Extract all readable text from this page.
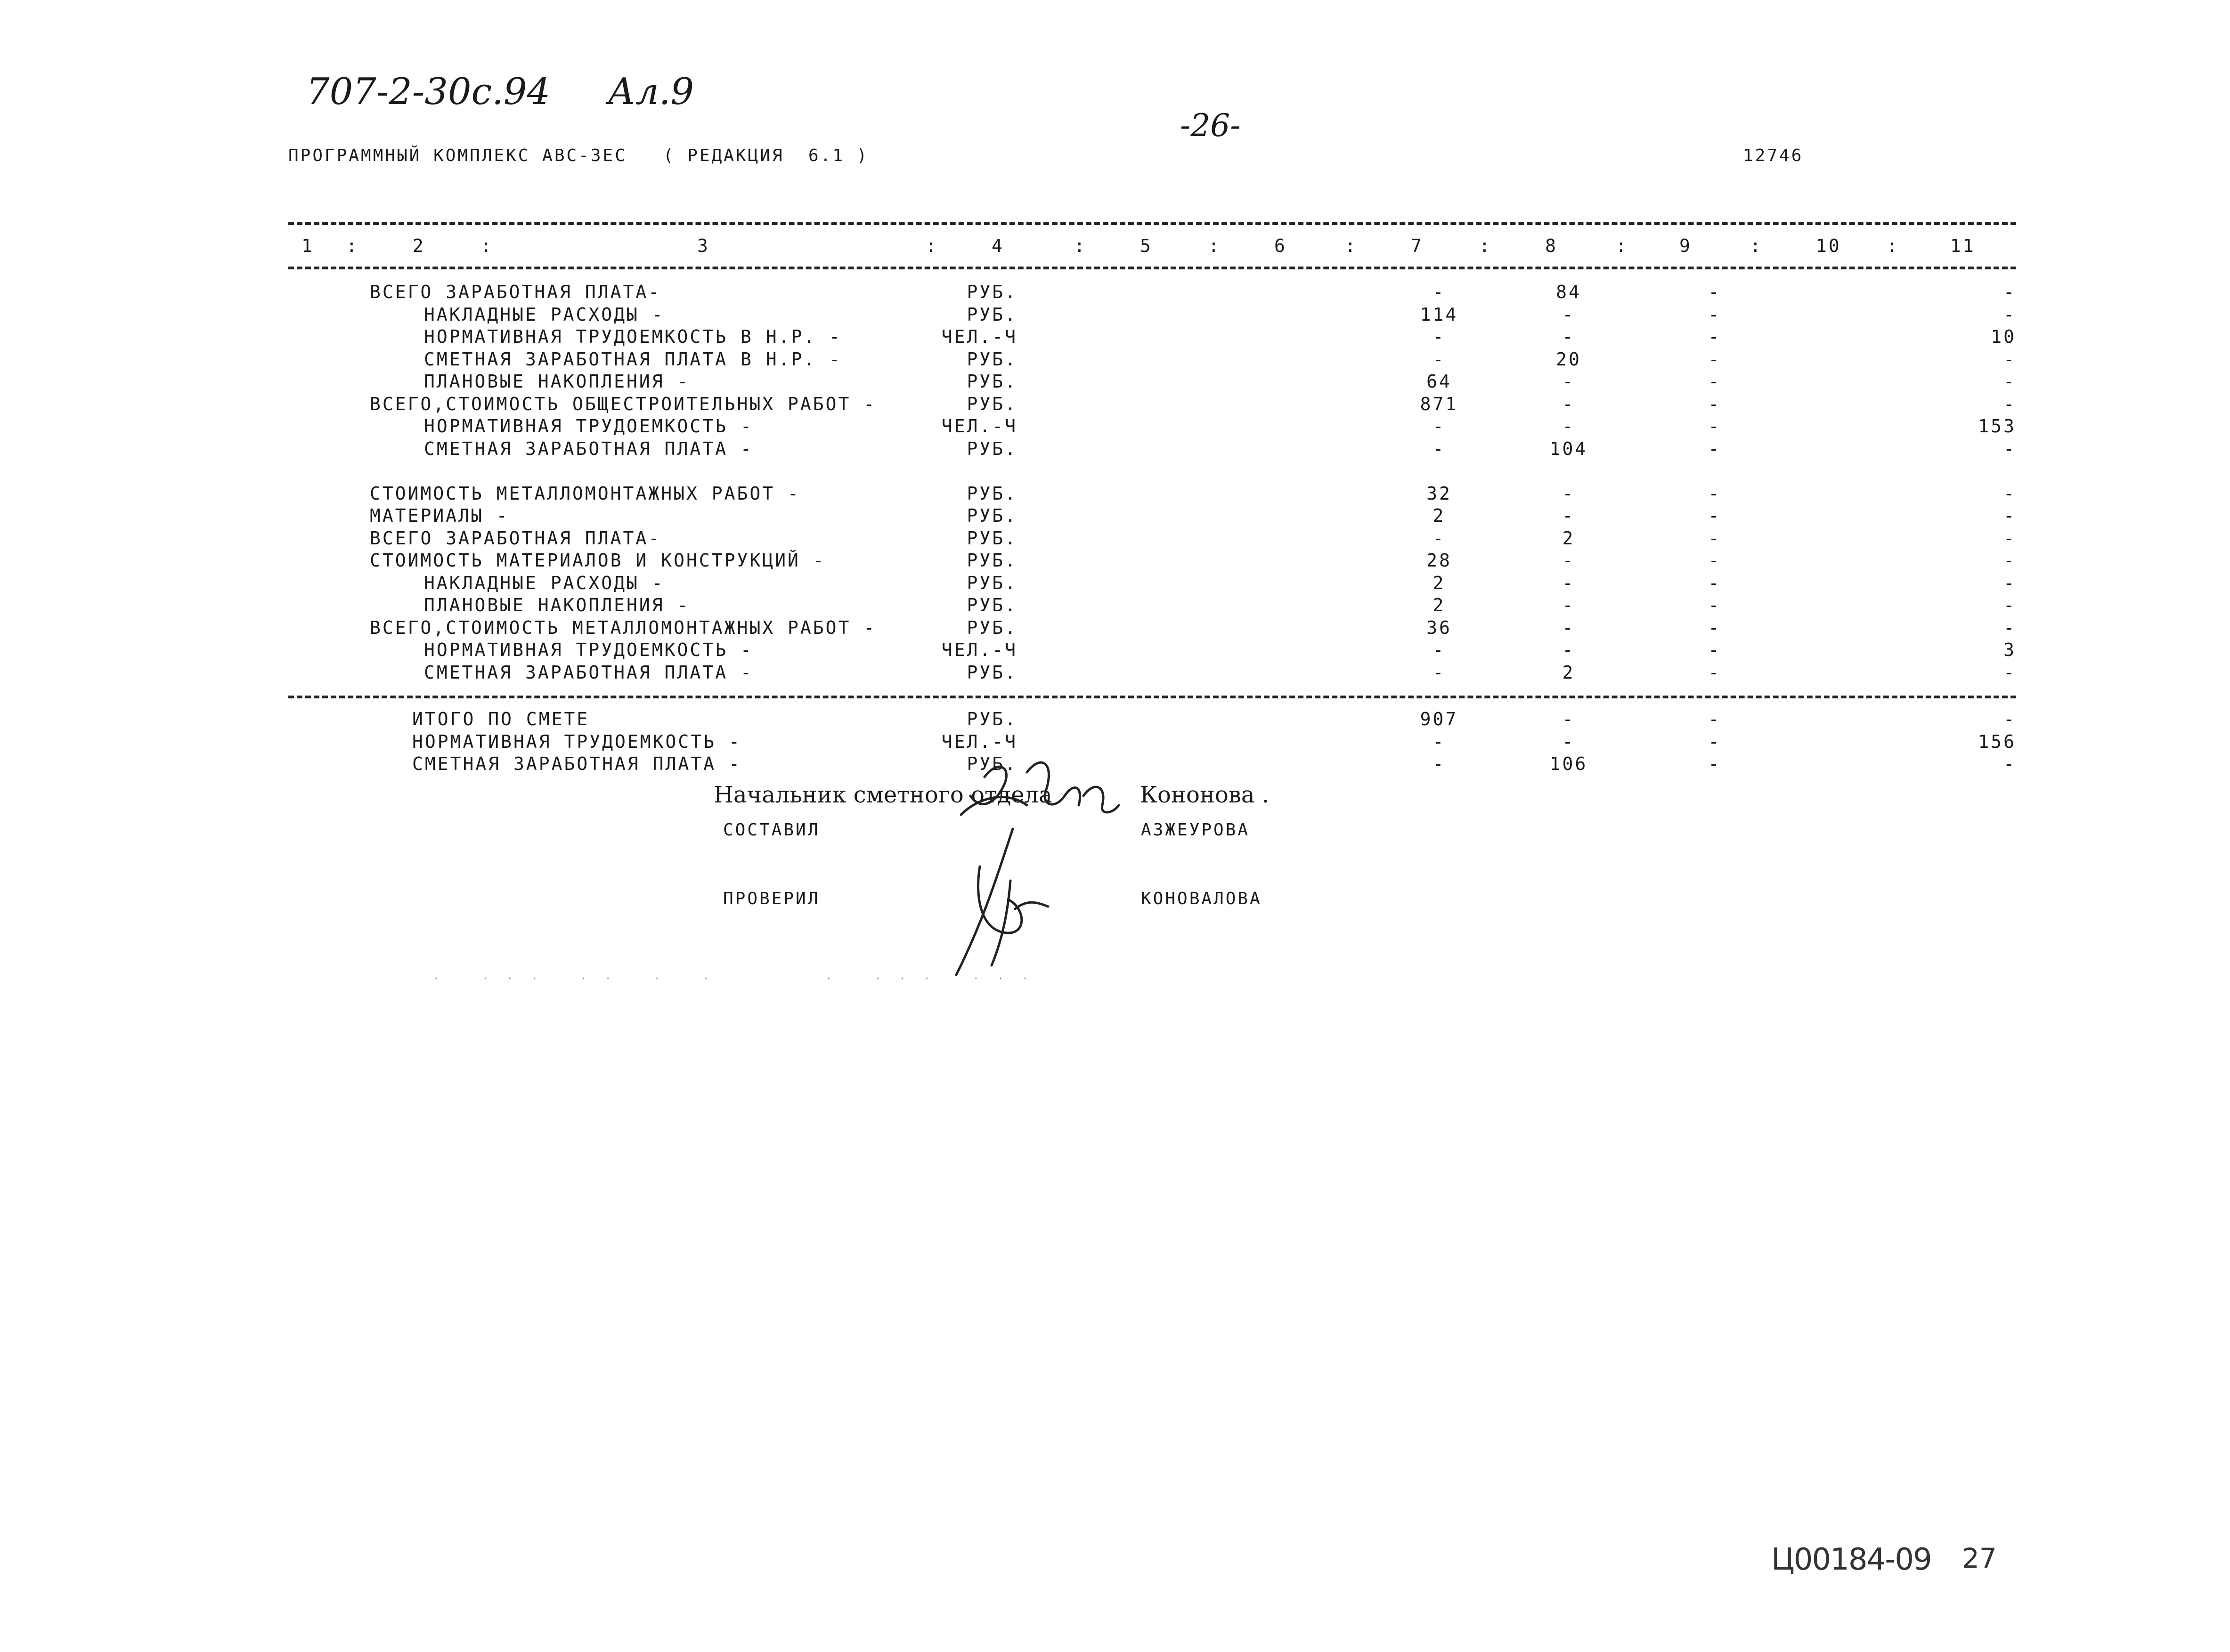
707-2-30с.94 Ал.9
-26-
ПРОГРАММНЫЙ КОМПЛЕКС АВС-3ЕС   ( РЕДАКЦИЯ  6.1 )	12746
1 :	2	:	3	:	4	:	5	:	6	:	7	:	8	:	9	:	10	:	11
ВСЕГО ЗАРАБОТНАЯ ПЛАТА-	РУБ.	-	84	-	-
НАКЛАДНЫЕ РАСХОДЫ -	РУБ.	114	-	-	-
НОРМАТИВНАЯ ТРУДОЕМКОСТЬ В Н.Р. -	ЧЕЛ.-Ч	-	-	-	10
СМЕТНАЯ ЗАРАБОТНАЯ ПЛАТА В Н.Р. -	РУБ.	-	20	-	-
ПЛАНОВЫЕ НАКОПЛЕНИЯ -	РУБ.	64	-	-	-
ВСЕГО,СТОИМОСТЬ ОБЩЕСТРОИТЕЛЬНЫХ РАБОТ -	РУБ.	871	-	-	-
НОРМАТИВНАЯ ТРУДОЕМКОСТЬ -	ЧЕЛ.-Ч	-	-	-	153
СМЕТНАЯ ЗАРАБОТНАЯ ПЛАТА -	РУБ.	-	104	-	-
СТОИМОСТЬ МЕТАЛЛОМОНТАЖНЫХ РАБОТ -	РУБ.	32	-	-	-
МАТЕРИАЛЫ -	РУБ.	2	-	-	-
ВСЕГО ЗАРАБОТНАЯ ПЛАТА-	РУБ.	-	2	-	-
СТОИМОСТЬ МАТЕРИАЛОВ И КОНСТРУКЦИЙ -	РУБ.	28	-	-	-
НАКЛАДНЫЕ РАСХОДЫ -	РУБ.	2	-	-	-
ПЛАНОВЫЕ НАКОПЛЕНИЯ -	РУБ.	2	-	-	-
ВСЕГО,СТОИМОСТЬ МЕТАЛЛОМОНТАЖНЫХ РАБОТ -	РУБ.	36	-	-	-
НОРМАТИВНАЯ ТРУДОЕМКОСТЬ -	ЧЕЛ.-Ч	-	-	-	3
СМЕТНАЯ ЗАРАБОТНАЯ ПЛАТА -	РУБ.	-	2	-	-
ИТОГО ПО СМЕТЕ	РУБ.	907	-	-	-
НОРМАТИВНАЯ ТРУДОЕМКОСТЬ -	ЧЕЛ.-Ч	-	-	-	156
СМЕТНАЯ ЗАРАБОТНАЯ ПЛАТА -	РУБ.	-	106	-	-
Начальник сметного отдела	Кононова .
СОСТАВИЛ	АЗЖЕУРОВА
ПРОВЕРИЛ	КОНОВАЛОВА
.   . . .   . .   .   .         .   . . .   . . .
Ц00184-09 27
